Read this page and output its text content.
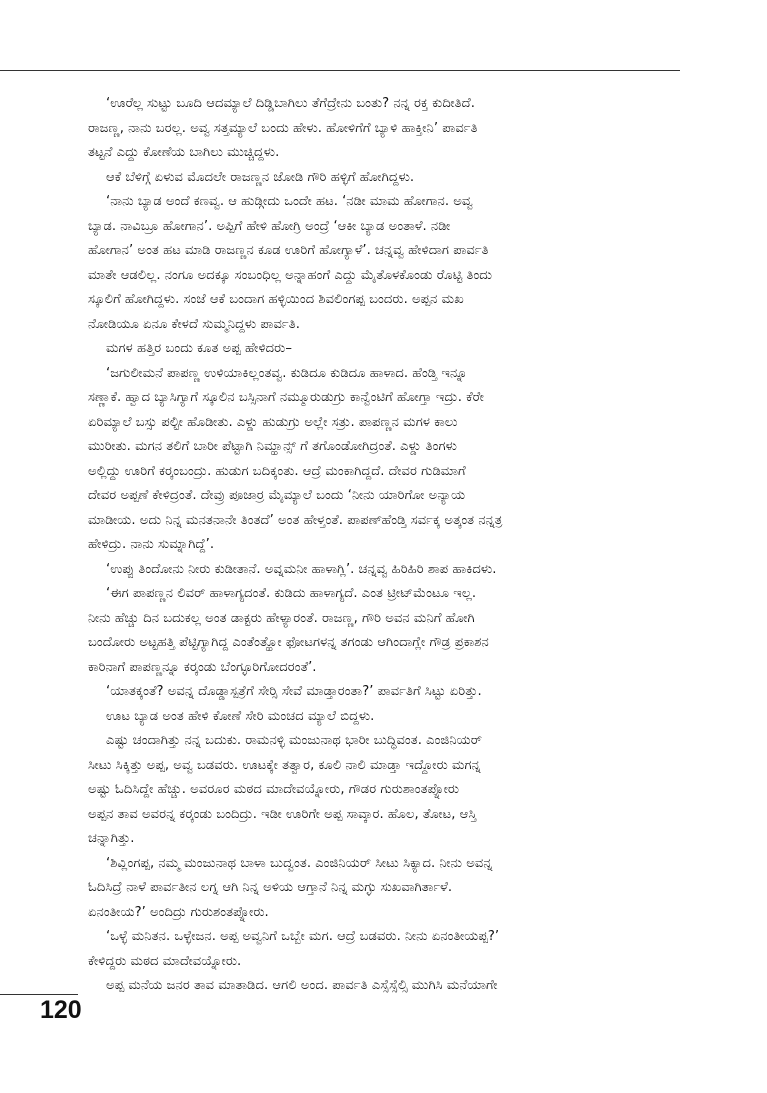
‘ಊರೆಲ್ಲ ಸುಟ್ಟು ಬೂದಿ ಆದಮ್ಯಾಲೆ ದಿಡ್ಡಿಬಾಗಿಲು ತೆಗೆದ್ರೇನು ಬಂತು? ನನ್ನ ರಕ್ತ ಕುದೀತಿದೆ.
ರಾಜಣ್ಣ, ನಾನು ಬರಲ್ಲ. ಅವ್ವ ಸತ್ತಮ್ಯಾಲೆ ಬಂದು ಹೇಳು. ಹೋಳಿಗೆಗೆ ಬ್ಯಾಳಿ ಹಾಕ್ತೀನಿ’ ಪಾರ್ವತಿ
ತಟ್ಟನೆ ಎದ್ದು ಕೋಣೆಯ ಬಾಗಿಲು ಮುಚ್ಚಿದ್ದಳು.
ಆಕೆ ಬೆಳಿಗ್ಗೆ ಏಳುವ ಮೊದಲೇ ರಾಜಣ್ಣನ ಜೋಡಿ ಗೌರಿ ಹಳ್ಳಿಗೆ ಹೋಗಿದ್ದಳು.
‘ನಾನು ಬ್ಯಾಡ ಅಂದೆ ಕಣವ್ವ. ಆ ಹುಡ್ಗೀದು ಒಂದೇ ಹಟ. ‘ನಡೀ ಮಾಮ ಹೋಗಾನ. ಅವ್ವ
ಬ್ಯಾಡ. ನಾವಿಬ್ರೂ ಹೋಗಾನ’. ಅಪ್ಪಿಗೆ ಹೇಳಿ ಹೋಗ್ರಿ ಅಂದ್ರೆ ‘ಆಕೀ ಬ್ಯಾಡ ಅಂತಾಳೆ. ನಡೀ
ಹೋಗಾನ’ ಅಂತ ಹಟ ಮಾಡಿ ರಾಜಣ್ಣನ ಕೂಡ ಊರಿಗೆ ಹೋಗ್ಯಾಳೆ’. ಚನ್ನವ್ವ ಹೇಳಿದಾಗ ಪಾರ್ವತಿ
ಮಾತೇ ಆಡಲಿಲ್ಲ. ನಂಗೂ ಅದಕ್ಕೂ ಸಂಬಂಧಿಲ್ಲ ಅನ್ನಾಹಂಗೆ ಎದ್ದು ಮೈತೊಳಕೊಂಡು ರೊಟ್ಟಿ ತಿಂದು
ಸ್ಕೂಲಿಗೆ ಹೋಗಿದ್ದಳು. ಸಂಜೆ ಆಕೆ ಬಂದಾಗ ಹಳ್ಳಿಯಿಂದ ಶಿವಲಿಂಗಪ್ಪ ಬಂದರು. ಅಪ್ಪನ ಮಖ
ನೋಡಿಯೂ ಏನೂ ಕೇಳದೆ ಸುಮ್ಮನಿದ್ದಳು ಪಾರ್ವತಿ.
ಮಗಳ ಹತ್ತಿರ ಬಂದು ಕೂತ ಅಪ್ಪ ಹೇಳಿದರು–
‘ಜಗುಲೀಮನೆ ಪಾಪಣ್ಣ ಉಳಿಯಾಕಿಲ್ಲಂತವ್ವ. ಕುಡಿದೂ ಕುಡಿದೂ ಹಾಳಾದ. ಹೆಂಡ್ತಿ ಇನ್ನೂ
ಸಣ್ಣಾಕೆ. ಹ್ವಾದ ಬ್ಯಾಸಿಗ್ಯಾಗೆ ಸ್ಕೂಲಿನ ಬಸ್ಸಿನಾಗೆ ನಮ್ಮೂರುಡುಗ್ರು ಕಾನ್ವೆಂಟಿಗೆ ಹೋಗ್ತಾ ಇದ್ರು. ಕೆರೇ
ಏರಿಮ್ಯಾಲೆ ಬಸ್ಸು ಪಲ್ಟೀ ಹೊಡೀತು. ಎಳ್ಡು ಹುಡುಗ್ರು ಅಲ್ಲೇ ಸತ್ರು. ಪಾಪಣ್ಣನ ಮಗಳ ಕಾಲು
ಮುರೀತು. ಮಗನ ತಲಿಗೆ ಬಾರೀ ಪೆಟ್ಟಾಗಿ ನಿಮ್ಹಾನ್ಸ್ ಗೆ ತಗೊಂಡೋಗಿದ್ರಂತೆ. ಎಳ್ಡು ತಿಂಗಳು
ಅಲ್ಲಿದ್ದು ಊರಿಗೆ ಕರ್‍ಕಂಬಂದ್ರು. ಹುಡುಗ ಬದಿಕ್ಕಂತು. ಆದ್ರೆ ಮಂಕಾಗಿದ್ದದೆ. ದೇವರ ಗುಡಿಮಾಗೆ
ದೇವರ ಅಪ್ಪಣೆ ಕೇಳಿದ್ರಂತೆ. ದೇವ್ರು ಪೂಜಾರ್‍ರ ಮೈಮ್ಯಾಲೆ ಬಂದು ‘ನೀನು ಯಾರಿಗೋ ಅನ್ಯಾಯ
ಮಾಡೀಯ. ಅದು ನಿನ್ನ ಮನತನಾನೇ ತಿಂತದೆ’ ಅಂತ ಹೇಳ್ತಂತೆ. ಪಾಪಣ್‍ಹೆಂಡ್ತಿ ಸರ್ವಕ್ಕ ಅತ್ಕಂತ ನನ್ನತ್ರ
ಹೇಳಿದ್ರು. ನಾನು ಸುಮ್ನಾಗಿದ್ದೆ’.
‘ಉಪ್ಪು ತಿಂದೋನು ನೀರು ಕುಡೀತಾನೆ. ಅವ್ನಮನೀ ಹಾಳಾಗ್ಲಿ’. ಚನ್ನವ್ವ ಹಿರಿಹಿರಿ ಶಾಪ ಹಾಕಿದಳು.
‘ಈಗ ಪಾಪಣ್ಣನ ಲಿವರ್ ಹಾಳಾಗ್ಯದಂತೆ. ಕುಡಿದು ಹಾಳಾಗ್ಯದೆ. ಎಂತ ಟ್ರೀಟ್‌ಮೆಂಟೂ ಇಲ್ಲ.
ನೀನು ಹೆಚ್ಚು ದಿನ ಬದುಕಲ್ಲ ಅಂತ ಡಾಕ್ಟರು ಹೇಳ್ಯಾರಂತೆ. ರಾಜಣ್ಣ, ಗೌರಿ ಅವನ ಮನಿಗೆ ಹೋಗಿ
ಬಂದೋರು ಅಟ್ಟಹತ್ತಿ ಪೆಟ್ಟಿಗ್ಯಾಗಿದ್ದ ಎಂತೆಂತ್ಹೋ ಫೋಟಗಳನ್ನ ತಗಂಡು ಆಗಿಂದಾಗ್ಲೇ ಗೌಡ್ರ ಪ್ರಕಾಶನ
ಕಾರಿನಾಗೆ ಪಾಪಣ್ಣನ್ನೂ ಕರ್‍ಕಂಡು ಬೆಂಗ್ಳೂರಿಗೋದರಂತೆ’.
‘ಯಾತಕ್ಕಂತೆ? ಅವನ್ನ ದೊಡ್ಡಾಸ್ಪತ್ರೆಗೆ ಸೇರ್‍ಸಿ ಸೇವೆ ಮಾಡ್ತಾರಂತಾ?’ ಪಾರ್ವತಿಗೆ ಸಿಟ್ಟು ಏರಿತ್ತು.
ಊಟ ಬ್ಯಾಡ ಅಂತ ಹೇಳಿ ಕೋಣೆ ಸೇರಿ ಮಂಚದ ಮ್ಯಾಲೆ ಬಿದ್ದಳು.
ಎಷ್ಟು ಚಂದಾಗಿತ್ತು ನನ್ನ ಬದುಕು. ರಾಮನಳ್ಳಿ ಮಂಜುನಾಥ ಭಾರೀ ಬುದ್ಧಿವಂತ. ಎಂಜಿನಿಯರ್
ಸೀಟು ಸಿಕ್ಕಿತ್ತು ಅಪ್ಪ, ಅವ್ವ ಬಡವರು. ಊಟಕ್ಕೇ ತತ್ವಾರ, ಕೂಲಿ ನಾಲಿ ಮಾಡ್ತಾ ಇದ್ದೋರು ಮಗನ್ನ
ಅಷ್ಟು ಓದಿಸಿದ್ದೇ ಹೆಚ್ಚು. ಅವರೂರ ಮಠದ ಮಾದೇವಯ್ನೋರು, ಗೌಡರ ಗುರುಶಾಂತಪ್ನೋರು
ಅಪ್ಪನ ತಾವ ಅವರನ್ನ ಕರ್‍ಕಂಡು ಬಂದಿದ್ರು. ಇಡೀ ಊರಿಗೇ ಅಪ್ಪ ಸಾವ್ಕಾರ. ಹೊಲ, ತೋಟ, ಆಸ್ತಿ
ಚನ್ನಾಗಿತ್ತು.
‘ಶಿವ್ಲಿಂಗಪ್ಪ, ನಮ್ಮ ಮಂಜುನಾಥ ಬಾಳಾ ಬುದ್ವಂತ. ಎಂಜಿನಿಯರ್ ಸೀಟು ಸಿಕ್ಯಾದ. ನೀನು ಅವನ್ನ
ಓದಿಸಿದ್ರೆ ನಾಳೆ ಪಾರ್ವತೀನ ಲಗ್ನ ಆಗಿ ನಿನ್ನ ಅಳಿಯ ಆಗ್ತಾನೆ ನಿನ್ನ ಮಗ್ಳು ಸುಖವಾಗಿರ್ತಾಳೆ.
ಏನಂತೀಯ?’ ಅಂದಿದ್ರು ಗುರುಶಂತಪ್ನೋರು.
‘ಒಳ್ಳೆ ಮನಿತನ. ಒಳ್ಳೇಜನ. ಅಪ್ಪ ಅವ್ವನಿಗೆ ಒಬ್ಬೇ ಮಗ. ಆದ್ರೆ ಬಡವರು. ನೀನು ಏನಂತೀಯಪ್ಪ?’
ಕೇಳಿದ್ದರು ಮಠದ ಮಾದೇವಯ್ನೋರು.
ಅಪ್ಪ ಮನೆಯ ಜನರ ತಾವ ಮಾತಾಡಿದ. ಆಗಲಿ ಅಂದ. ಪಾರ್ವತಿ ಎಸ್ಸೆಸ್ಸೆಲ್ಸಿ ಮುಗಿಸಿ ಮನೆಯಾಗೇ
120
